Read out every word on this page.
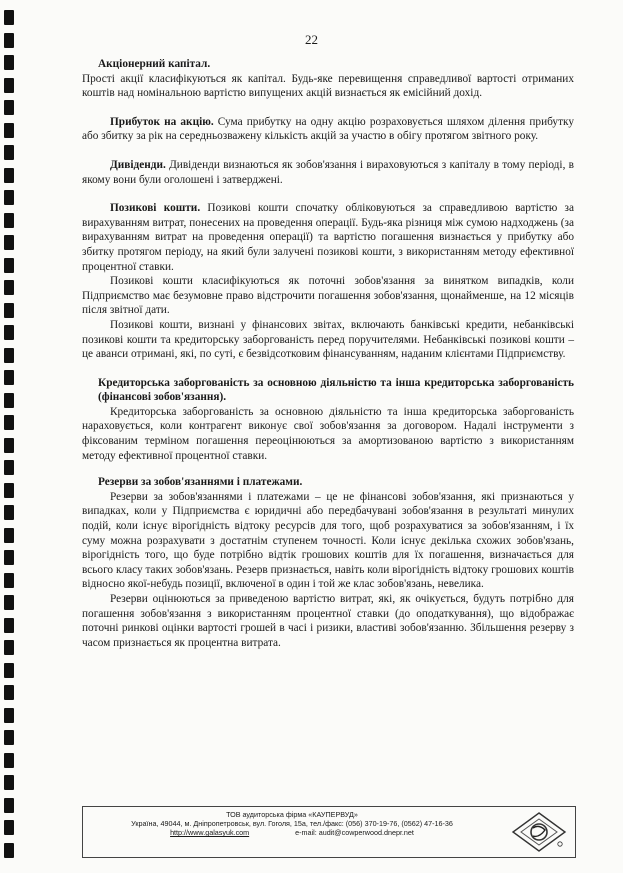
22

Акціонерний капітал.

Прості акції класифікуються як капітал. Будь-яке перевищення справедливої вартості отриманих коштів над номінальною вартістю випущених акцій визнається як емісійний дохід.

Прибуток на акцію. Сума прибутку на одну акцію розраховується шляхом ділення прибутку або збитку за рік на середньозважену кількість акцій за участю в обігу протягом звітного року.

Дивіденди. Дивіденди визнаються як зобов'язання і вираховуються з капіталу в тому періоді, в якому вони були оголошені і затверджені.

Позикові кошти. Позикові кошти спочатку обліковуються за справедливою вартістю за вирахуванням витрат, понесених на проведення операції. Будь-яка різниця між сумою надходжень (за вирахуванням витрат на проведення операції) та вартістю погашення визнається у прибутку або збитку протягом періоду, на який були залучені позикові кошти, з використанням методу ефективної процентної ставки.

Позикові кошти класифікуються як поточні зобов'язання за винятком випадків, коли Підприємство має безумовне право відстрочити погашення зобов'язання, щонайменше, на 12 місяців після звітної дати.

Позикові кошти, визнані у фінансових звітах, включають банківські кредити, небанківські позикові кошти та кредиторську заборгованість перед поручителями. Небанківські позикові кошти – це аванси отримані, які, по суті, є безвідсотковим фінансуванням, наданим клієнтами Підприємству.

Кредиторська заборгованість за основною діяльністю та інша кредиторська заборгованість (фінансові зобов'язання).

Кредиторська заборгованість за основною діяльністю та інша кредиторська заборгованість нараховується, коли контрагент виконує свої зобов'язання за договором. Надалі інструменти з фіксованим терміном погашення переоцінюються за амортизованою вартістю з використанням методу ефективної процентної ставки.

Резерви за зобов'язаннями і платежами.

Резерви за зобов'язаннями і платежами – це не фінансові зобов'язання, які признаються у випадках, коли у Підприємства є юридичні або передбачувані зобов'язання в результаті минулих подій, коли існує вірогідність відтоку ресурсів для того, щоб розрахуватися за зобов'язанням, і їх суму можна розрахувати з достатнім ступенем точності. Коли існує декілька схожих зобов'язань, вірогідність того, що буде потрібно відтік грошових коштів для їх погашення, визначається для всього класу таких зобов'язань. Резерв признається, навіть коли вірогідність відтоку грошових коштів відносно якої-небудь позиції, включеної в один і той же клас зобов'язань, невелика.

Резерви оцінюються за приведеною вартістю витрат, які, як очікується, будуть потрібно для погашення зобов'язання з використанням процентної ставки (до оподаткування), що відображає поточні ринкові оцінки вартості грошей в часі і ризики, властиві зобов'язанню. Збільшення резерву з часом признається як процентна витрата.

ТОВ аудиторська фірма «КАУПЕРВУД»
Україна, 49044, м. Дніпропетровськ, вул. Гоголя, 15а, тел./факс: (056) 370-19-76, (0562) 47-16-36
http://www.galasyuk.com	e-mail: audit@cowperwood.dnepr.net
